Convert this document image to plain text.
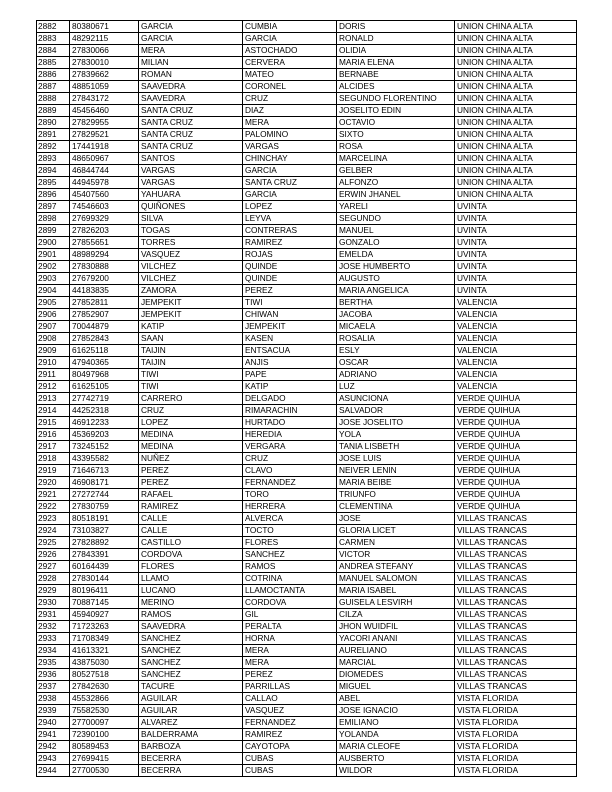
2882	80380671	GARCIA	CUMBIA	DORIS	UNION CHINA ALTA
2883	48292115	GARCIA	GARCIA	RONALD	UNION CHINA ALTA
2884	27830066	MERA	ASTOCHADO	OLIDIA	UNION CHINA ALTA
2885	27830010	MILIAN	CERVERA	MARIA ELENA	UNION CHINA ALTA
2886	27839662	ROMAN	MATEO	BERNABE	UNION CHINA ALTA
2887	48851059	SAAVEDRA	CORONEL	ALCIDES	UNION CHINA ALTA
2888	27843172	SAAVEDRA	CRUZ	SEGUNDO FLORENTINO	UNION CHINA ALTA
2889	45456460	SANTA CRUZ	DIAZ	JOSELITO EDIN	UNION CHINA ALTA
2890	27829955	SANTA CRUZ	MERA	OCTAVIO	UNION CHINA ALTA
2891	27829521	SANTA CRUZ	PALOMINO	SIXTO	UNION CHINA ALTA
2892	17441918	SANTA CRUZ	VARGAS	ROSA	UNION CHINA ALTA
2893	48650967	SANTOS	CHINCHAY	MARCELINA	UNION CHINA ALTA
2894	46844744	VARGAS	GARCIA	GELBER	UNION CHINA ALTA
2895	44945978	VARGAS	SANTA CRUZ	ALFONZO	UNION CHINA ALTA
2896	45407560	YAHUARA	GARCIA	ERWIN JHANEL	UNION CHINA ALTA
2897	74546603	QUIÑONES	LOPEZ	YARELI	UVINTA
2898	27699329	SILVA	LEYVA	SEGUNDO	UVINTA
2899	27826203	TOGAS	CONTRERAS	MANUEL	UVINTA
2900	27855651	TORRES	RAMIREZ	GONZALO	UVINTA
2901	48989294	VASQUEZ	ROJAS	EMELDA	UVINTA
2902	27830888	VILCHEZ	QUINDE	JOSE HUMBERTO	UVINTA
2903	27679200	VILCHEZ	QUINDE	AUGUSTO	UVINTA
2904	44183835	ZAMORA	PEREZ	MARIA ANGELICA	UVINTA
2905	27852811	JEMPEKIT	TIWI	BERTHA	VALENCIA
2906	27852907	JEMPEKIT	CHIWAN	JACOBA	VALENCIA
2907	70044879	KATIP	JEMPEKIT	MICAELA	VALENCIA
2908	27852843	SAAN	KASEN	ROSALIA	VALENCIA
2909	61625118	TAIJIN	ENTSACUA	ESLY	VALENCIA
2910	47940365	TAIJIN	ANJIS	OSCAR	VALENCIA
2911	80497968	TIWI	PAPE	ADRIANO	VALENCIA
2912	61625105	TIWI	KATIP	LUZ	VALENCIA
2913	27742719	CARRERO	DELGADO	ASUNCIONA	VERDE QUIHUA
2914	44252318	CRUZ	RIMARACHIN	SALVADOR	VERDE QUIHUA
2915	46912233	LOPEZ	HURTADO	JOSE JOSELITO	VERDE QUIHUA
2916	45369203	MEDINA	HEREDIA	YOLA	VERDE QUIHUA
2917	73245152	MEDINA	VERGARA	TANIA LISBETH	VERDE QUIHUA
2918	43395582	NUÑEZ	CRUZ	JOSE LUIS	VERDE QUIHUA
2919	71646713	PEREZ	CLAVO	NEIVER LENIN	VERDE QUIHUA
2920	46908171	PEREZ	FERNANDEZ	MARIA BEIBE	VERDE QUIHUA
2921	27272744	RAFAEL	TORO	TRIUNFO	VERDE QUIHUA
2922	27830759	RAMIREZ	HERRERA	CLEMENTINA	VERDE QUIHUA
2923	80518191	CALLE	ALVERCA	JOSE	VILLAS TRANCAS
2924	73103827	CALLE	TOCTO	GLORIA LICET	VILLAS TRANCAS
2925	27828892	CASTILLO	FLORES	CARMEN	VILLAS TRANCAS
2926	27843391	CORDOVA	SANCHEZ	VICTOR	VILLAS TRANCAS
2927	60164439	FLORES	RAMOS	ANDREA STEFANY	VILLAS TRANCAS
2928	27830144	LLAMO	COTRINA	MANUEL SALOMON	VILLAS TRANCAS
2929	80196411	LUCANO	LLAMOCTANTA	MARIA ISABEL	VILLAS TRANCAS
2930	70887145	MERINO	CORDOVA	GUISELA LESVIRH	VILLAS TRANCAS
2931	45940927	RAMOS	GIL	CILZA	VILLAS TRANCAS
2932	71723263	SAAVEDRA	PERALTA	JHON WUIDFIL	VILLAS TRANCAS
2933	71708349	SANCHEZ	HORNA	YACORI ANANI	VILLAS TRANCAS
2934	41613321	SANCHEZ	MERA	AURELIANO	VILLAS TRANCAS
2935	43875030	SANCHEZ	MERA	MARCIAL	VILLAS TRANCAS
2936	80527518	SANCHEZ	PEREZ	DIOMEDES	VILLAS TRANCAS
2937	27842630	TACURE	PARRILLAS	MIGUEL	VILLAS TRANCAS
2938	45532866	AGUILAR	CALLAO	ABEL	VISTA FLORIDA
2939	75582530	AGUILAR	VASQUEZ	JOSE IGNACIO	VISTA FLORIDA
2940	27700097	ALVAREZ	FERNANDEZ	EMILIANO	VISTA FLORIDA
2941	72390100	BALDERRAMA	RAMIREZ	YOLANDA	VISTA FLORIDA
2942	80589453	BARBOZA	CAYOTOPA	MARIA CLEOFE	VISTA FLORIDA
2943	27699415	BECERRA	CUBAS	AUSBERTO	VISTA FLORIDA
2944	27700530	BECERRA	CUBAS	WILDOR	VISTA FLORIDA
